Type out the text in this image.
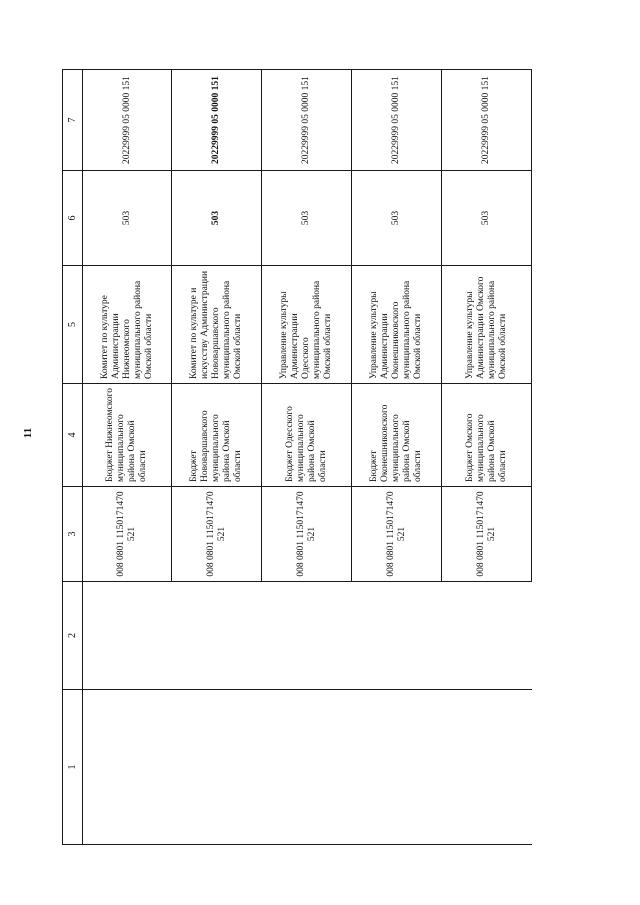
11
1	2	3	4	5	6	7
		008 0801 1150171470 521	Бюджет Нижнеомского муниципального района Омской области	Комитет по культуре Администрации Нижнеомского муниципального района Омской области	503	20229999 05 0000 151
		008 0801 1150171470 521	Бюджет Нововаршавского муниципального района Омской области	Комитет по культуре и искусству Администрации Нововаршавского муниципального района Омской области	503	20229999 05 0000 151
		008 0801 1150171470 521	Бюджет Одесского муниципального района Омской области	Управление культуры Администрации Одесского муниципального района Омской области	503	20229999 05 0000 151
		008 0801 1150171470 521	Бюджет Оконешниковского муниципального района Омской области	Управление культуры Администрации Оконешниковского муниципального района Омской области	503	20229999 05 0000 151
		008 0801 1150171470 521	Бюджет Омского муниципального района Омской области	Управление культуры Администрации Омского муниципального района Омской области	503	20229999 05 0000 151
